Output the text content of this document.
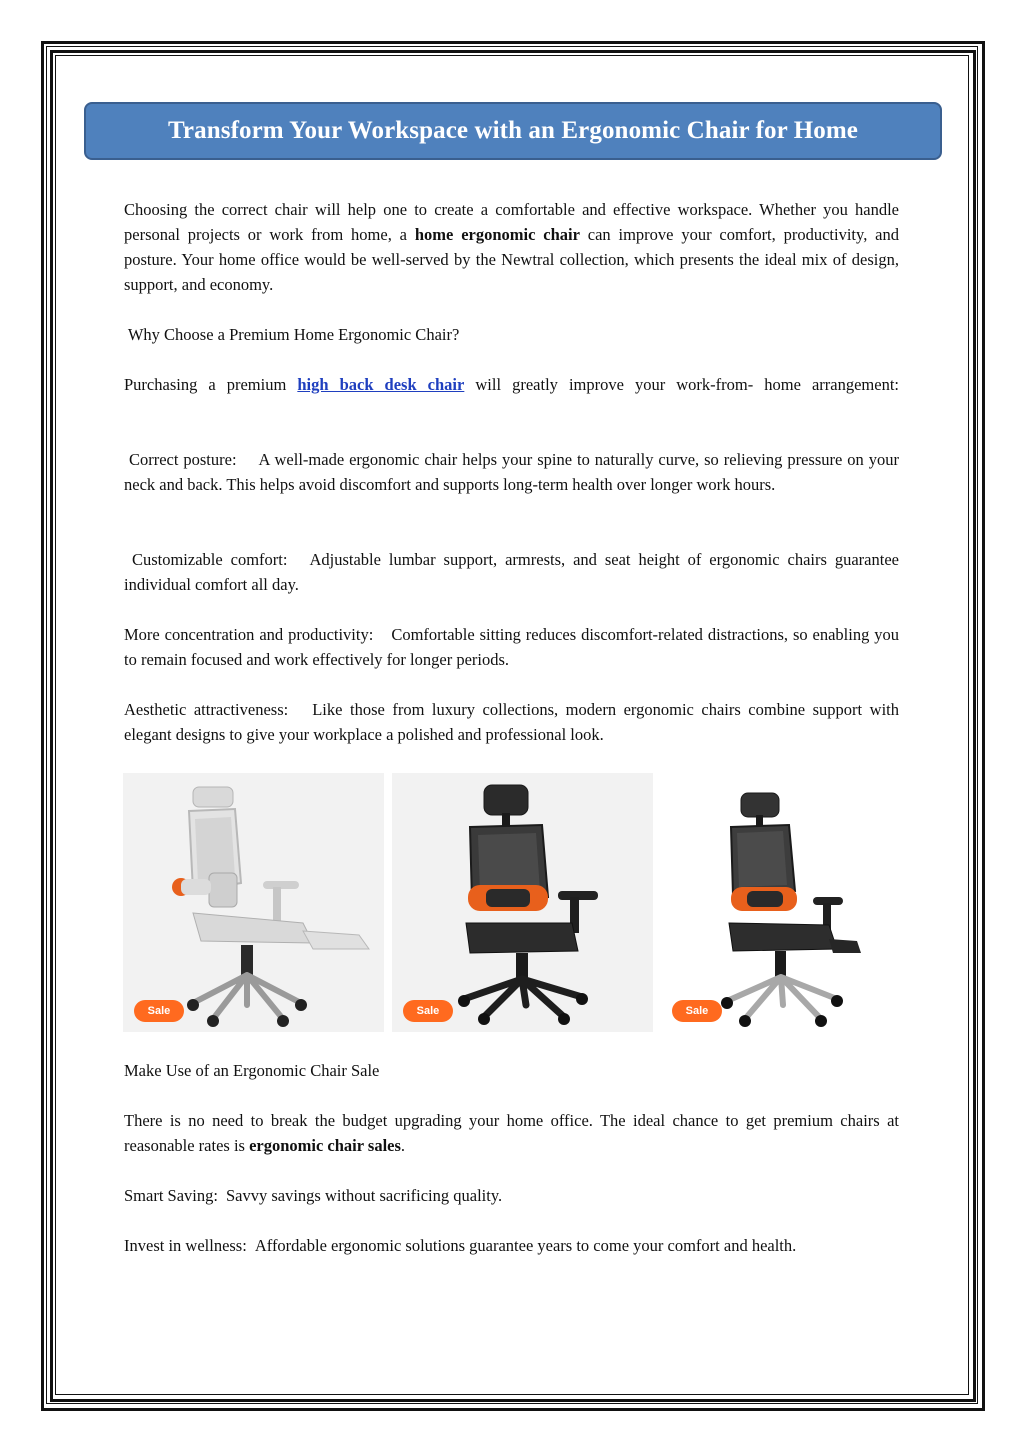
Transform Your Workspace with an Ergonomic Chair for Home

Choosing the correct chair will help one to create a comfortable and effective workspace. Whether you handle personal projects or work from home, a home ergonomic chair can improve your comfort, productivity, and posture. Your home office would be well-served by the Newtral collection, which presents the ideal mix of design, support, and economy.

Why Choose a Premium Home Ergonomic Chair?

Purchasing a premium high back desk chair will greatly improve your work-from- home arrangement:

Correct posture: A well-made ergonomic chair helps your spine to naturally curve, so relieving pressure on your neck and back. This helps avoid discomfort and supports long-term health over longer work hours.

Customizable comfort: Adjustable lumbar support, armrests, and seat height of ergonomic chairs guarantee individual comfort all day.

More concentration and productivity: Comfortable sitting reduces discomfort-related distractions, so enabling you to remain focused and work effectively for longer periods.

Aesthetic attractiveness: Like those from luxury collections, modern ergonomic chairs combine support with elegant designs to give your workplace a polished and professional look.

Sale	Sale	Sale

Make Use of an Ergonomic Chair Sale

There is no need to break the budget upgrading your home office. The ideal chance to get premium chairs at reasonable rates is ergonomic chair sales.

Smart Saving: Savvy savings without sacrificing quality.

Invest in wellness: Affordable ergonomic solutions guarantee years to come your comfort and health.
